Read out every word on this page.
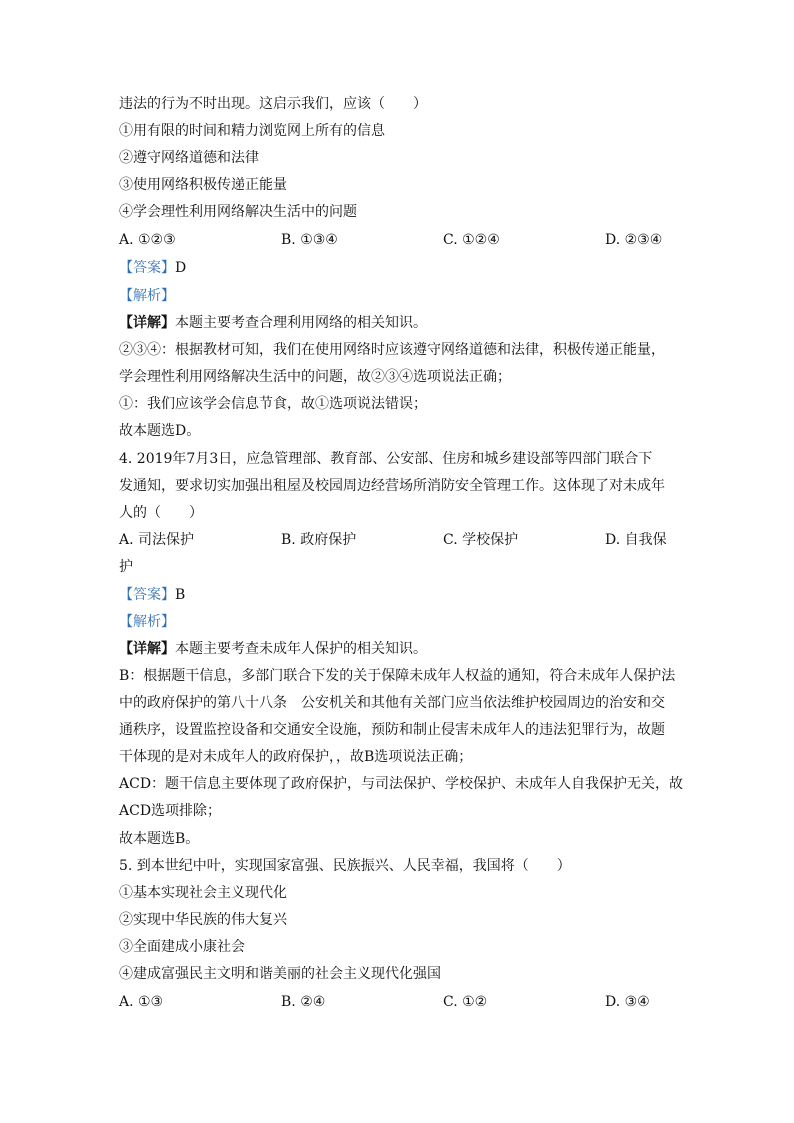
违法的行为不时出现。这启示我们，应该（　　）
①用有限的时间和精力浏览网上所有的信息
②遵守网络道德和法律
③使用网络积极传递正能量
④学会理性利用网络解决生活中的问题
A. ①②③	B. ①③④	C. ①②④	D. ②③④
【答案】D
【解析】
【详解】本题主要考查合理利用网络的相关知识。
②③④：根据教材可知，我们在使用网络时应该遵守网络道德和法律，积极传递正能量，
学会理性利用网络解决生活中的问题，故②③④选项说法正确；
①：我们应该学会信息节食，故①选项说法错误；
故本题选D。
4. 2019年7月3日，应急管理部、教育部、公安部、住房和城乡建设部等四部门联合下
发通知，要求切实加强出租屋及校园周边经营场所消防安全管理工作。这体现了对未成年
人的（　　）
A. 司法保护	B. 政府保护	C. 学校保护	D. 自我保
护
【答案】B
【解析】
【详解】本题主要考查未成年人保护的相关知识。
B：根据题干信息，多部门联合下发的关于保障未成年人权益的通知，符合未成年人保护法
中的政府保护的第八十八条　公安机关和其他有关部门应当依法维护校园周边的治安和交
通秩序，设置监控设备和交通安全设施，预防和制止侵害未成年人的违法犯罪行为，故题
干体现的是对未成年人的政府保护，，故B选项说法正确；
ACD：题干信息主要体现了政府保护，与司法保护、学校保护、未成年人自我保护无关，故
ACD选项排除；
故本题选B。
5. 到本世纪中叶，实现国家富强、民族振兴、人民幸福，我国将（　　）
①基本实现社会主义现代化
②实现中华民族的伟大复兴
③全面建成小康社会
④建成富强民主文明和谐美丽的社会主义现代化强国
A. ①③	B. ②④	C. ①②	D. ③④
